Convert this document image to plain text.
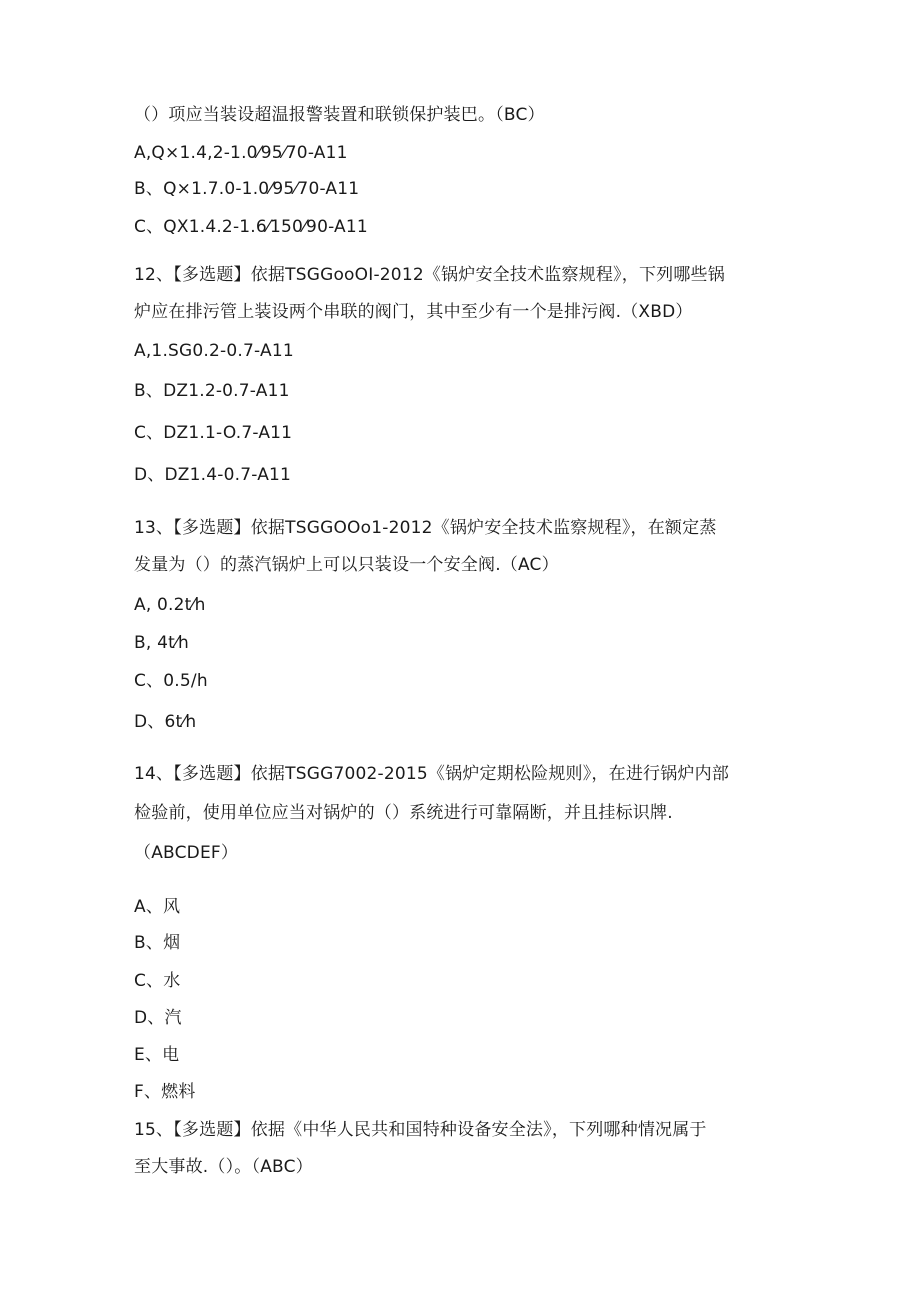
（）项应当装设超温报警装置和联锁保护装巴。（BC）
A,Q×1.4,2-1.0⁄95⁄70-A11
B、Q×1.7.0-1.0⁄95⁄70-A11
C、QX1.4.2-1.6⁄150⁄90-A11
12、【多选题】依据TSGGooOI-2012《锅炉安全技术监察规程》，下列哪些锅
炉应在排污管上装设两个串联的阀门，其中至少有一个是排污阀.（XBD）
A,1.SG0.2-0.7-A11
B、DZ1.2-0.7-A11
C、DZ1.1-O.7-A11
D、DZ1.4-0.7-A11
13、【多选题】依据TSGGOOo1-2012《锅炉安全技术监察规程》，在额定蒸
发量为（）的蒸汽锅炉上可以只装设一个安全阀.（AC）
A, 0.2t⁄h
B, 4t⁄h
C、0.5/h
D、6t⁄h
14、【多选题】依据TSGG7002-2015《锅炉定期松险规则》，在进行锅炉内部
检验前，使用单位应当对锅炉的（）系统进行可靠隔断，并且挂标识牌.
（ABCDEF）
A、风
B、烟
C、水
D、汽
E、电
F、燃料
15、【多选题】依据《中华人民共和国特种设备安全法》，下列哪种情况属于
至大事故.（）。（ABC）
